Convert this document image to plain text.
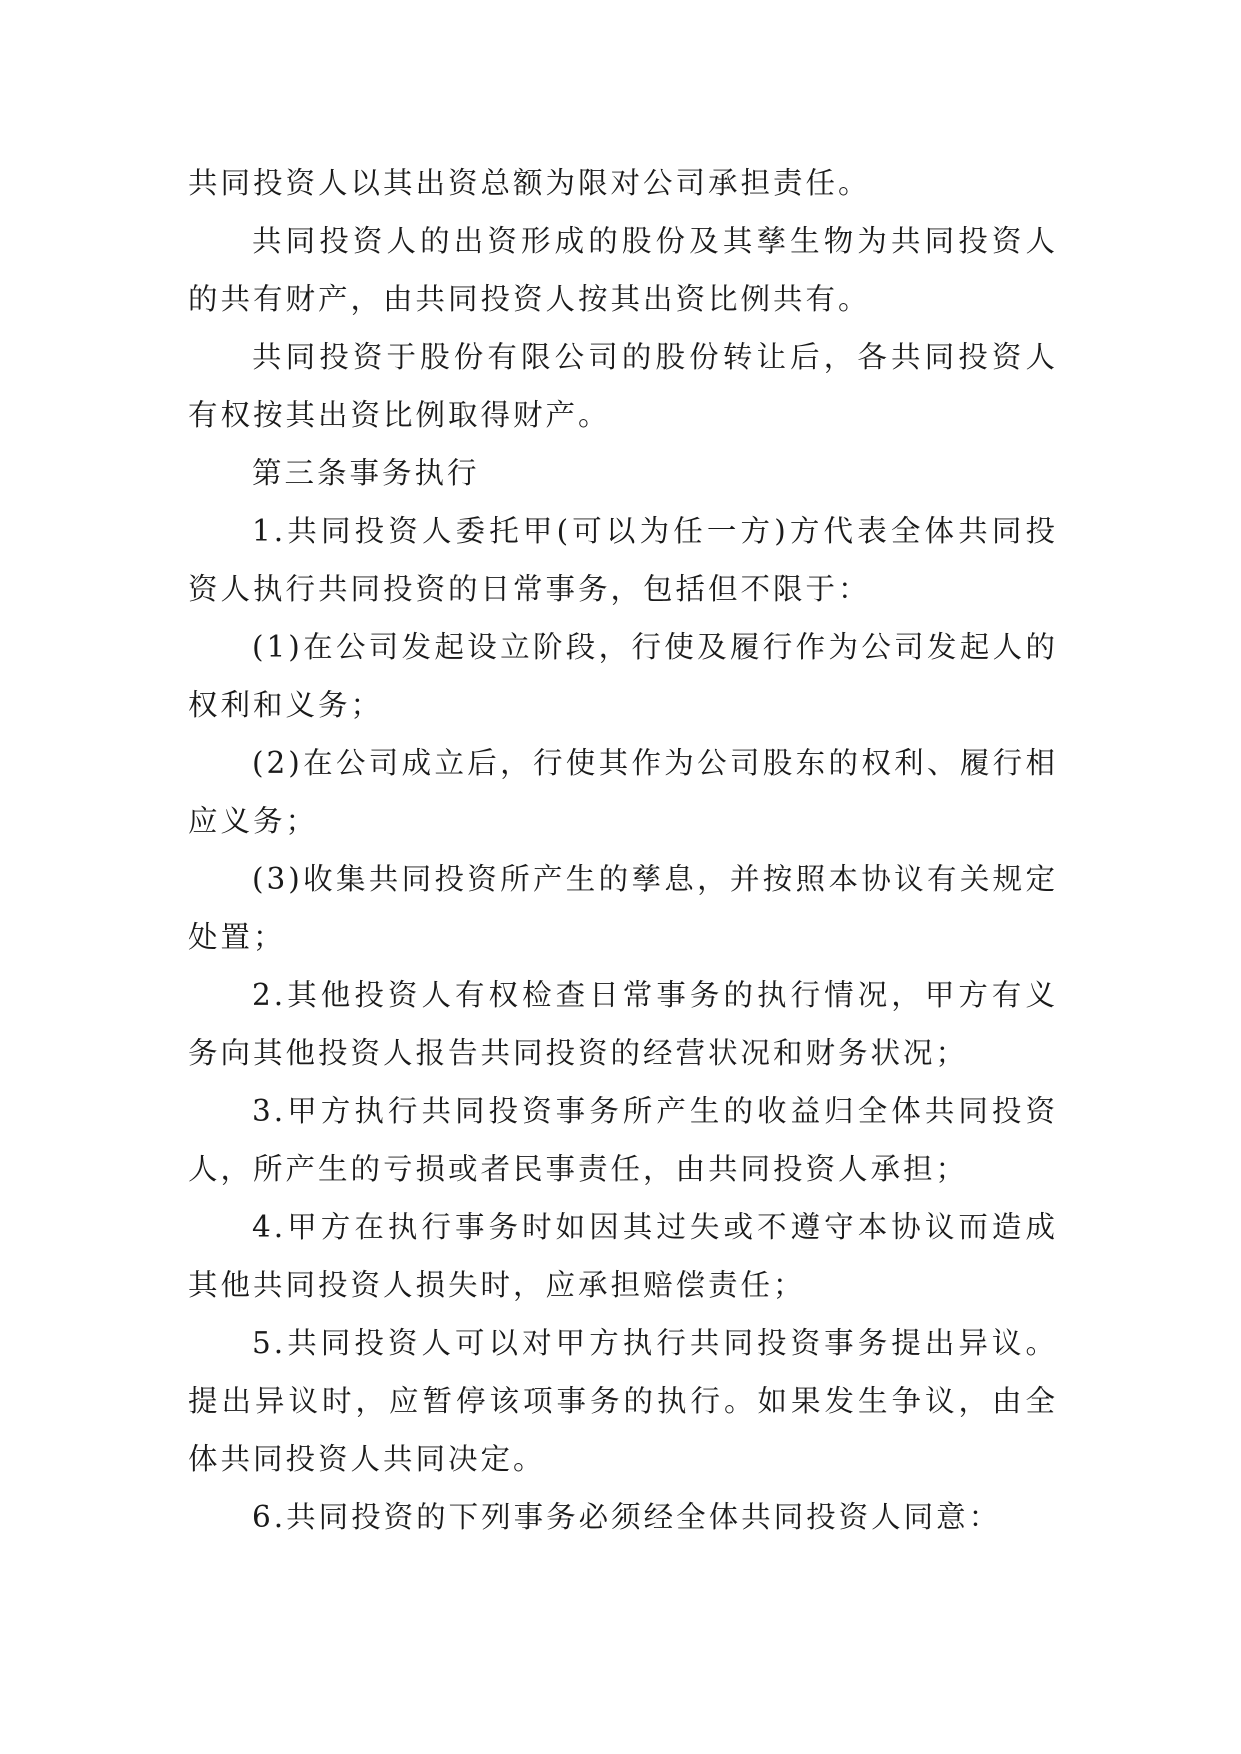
共同投资人以其出资总额为限对公司承担责任。

共同投资人的出资形成的股份及其孳生物为共同投资人的共有财产，由共同投资人按其出资比例共有。

共同投资于股份有限公司的股份转让后，各共同投资人有权按其出资比例取得财产。

第三条事务执行

1.共同投资人委托甲(可以为任一方)方代表全体共同投资人执行共同投资的日常事务，包括但不限于：

(1)在公司发起设立阶段，行使及履行作为公司发起人的权利和义务；

(2)在公司成立后，行使其作为公司股东的权利、履行相应义务；

(3)收集共同投资所产生的孳息，并按照本协议有关规定处置；

2.其他投资人有权检查日常事务的执行情况，甲方有义务向其他投资人报告共同投资的经营状况和财务状况；

3.甲方执行共同投资事务所产生的收益归全体共同投资人，所产生的亏损或者民事责任，由共同投资人承担；

4.甲方在执行事务时如因其过失或不遵守本协议而造成其他共同投资人损失时，应承担赔偿责任；

5.共同投资人可以对甲方执行共同投资事务提出异议。提出异议时，应暂停该项事务的执行。如果发生争议，由全体共同投资人共同决定。

6.共同投资的下列事务必须经全体共同投资人同意：
